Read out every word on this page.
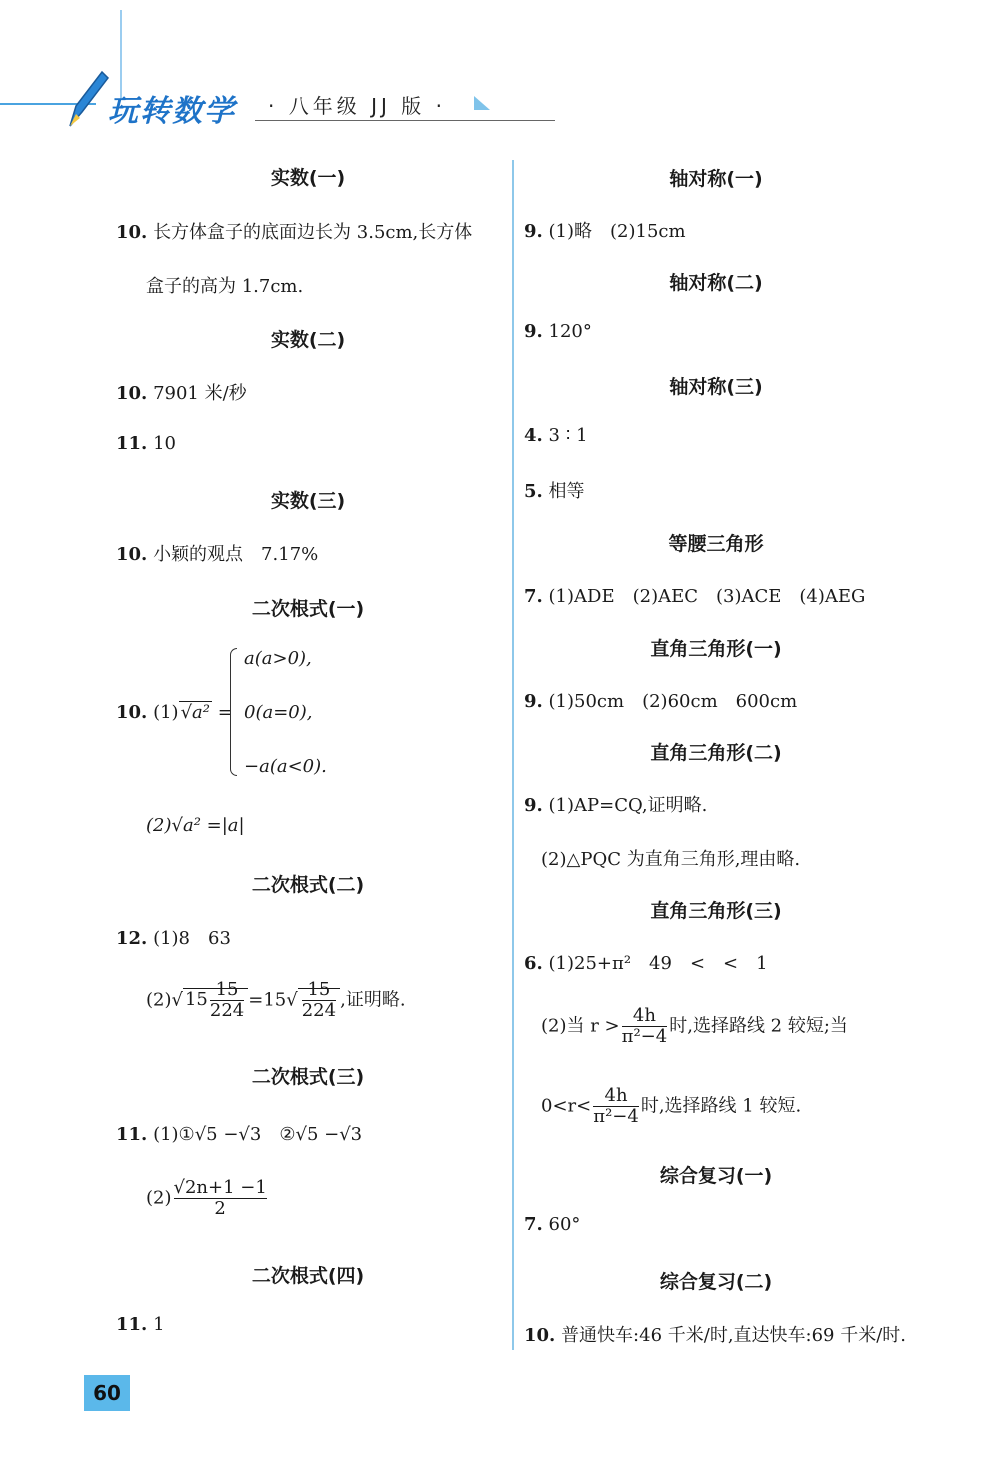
玩转数学 · 八年级 JJ 版 ·
实数(一)
10. 长方体盒子的底面边长为 3.5cm,长方体
盒子的高为 1.7cm.
实数(二)
10. 7901 米/秒
11. 10
实数(三)
10. 小颖的观点　7.17%
二次根式(一)
10. (1) √a² =
a(a>0),
0(a=0),
−a(a<0).
(2)√a² =|a|
二次根式(二)
12. (1)8　63
(2)√ $15 \frac{15}{224} =15√ \frac{15}{224}$ ,证明略.
二次根式(三)
11. (1)①√5 −√3　②√5 −√3
$(2) \frac{√2n+1 -1}{2}$
二次根式(四)
11. 1
轴对称(一)
9. (1)略　(2)15cm
轴对称(二)
9. 120°
轴对称(三)
4. 3 ∶ 1
5. 相等
等腰三角形
7. (1)ADE　(2)AEC　(3)ACE　(4)AEG
直角三角形(一)
9. (1)50cm　(2)60cm　600cm
直角三角形(二)
9. (1)AP=CQ,证明略.
(2)△PQC 为直角三角形,理由略.
直角三角形(三)
6. (1)25+π²　49　<　<　1
(2)当 $r > \frac{4h}{\text{π²−4}}$ 时,选择路线 2 较短;当
$0<r< \frac{4h}{\text{π²−4}}$ 时,选择路线 1 较短.
综合复习(一)
7. 60°
综合复习(二)
10. 普通快车:46 千米/时,直达快车:69 千米/时.
60
